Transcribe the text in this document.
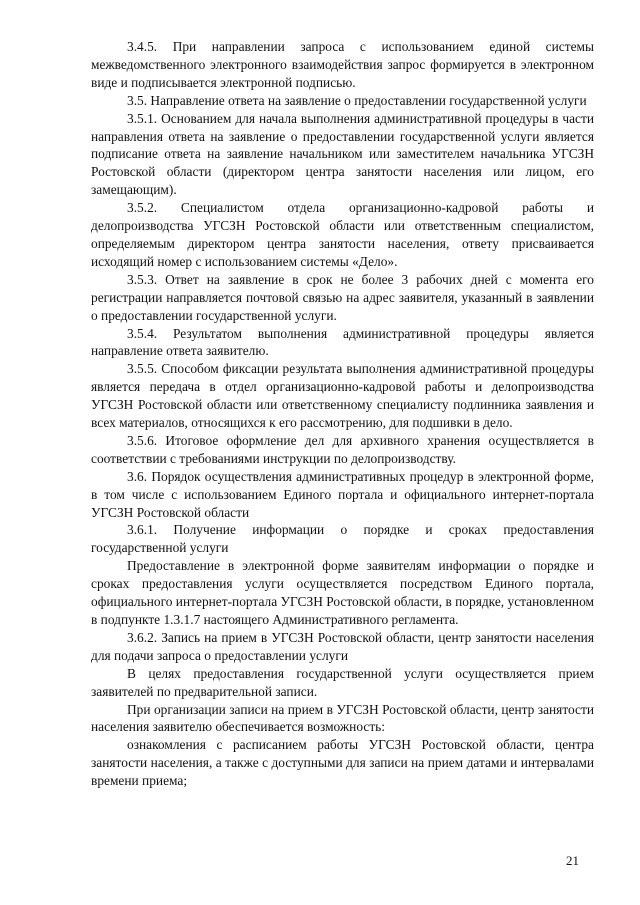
3.4.5. При направлении запроса с использованием единой системы межведомственного электронного взаимодействия запрос формируется в электронном виде и подписывается электронной подписью.

3.5. Направление ответа на заявление о предоставлении государственной услуги

3.5.1. Основанием для начала выполнения административной процедуры в части направления ответа на заявление о предоставлении государственной услуги является подписание ответа на заявление начальником или заместителем начальника УГСЗН Ростовской области (директором центра занятости населения или лицом, его замещающим).

3.5.2. Специалистом отдела организационно-кадровой работы и делопроизводства УГСЗН Ростовской области или ответственным специалистом, определяемым директором центра занятости населения, ответу присваивается исходящий номер с использованием системы «Дело».

3.5.3. Ответ на заявление в срок не более 3 рабочих дней с момента его регистрации направляется почтовой связью на адрес заявителя, указанный в заявлении о предоставлении государственной услуги.

3.5.4. Результатом выполнения административной процедуры является направление ответа заявителю.

3.5.5. Способом фиксации результата выполнения административной процедуры является передача в отдел организационно-кадровой работы и делопроизводства УГСЗН Ростовской области или ответственному специалисту подлинника заявления и всех материалов, относящихся к его рассмотрению, для подшивки в дело.

3.5.6. Итоговое оформление дел для архивного хранения осуществляется в соответствии с требованиями инструкции по делопроизводству.

3.6. Порядок осуществления административных процедур в электронной форме, в том числе с использованием Единого портала и официального интернет-портала УГСЗН Ростовской области

3.6.1. Получение информации о порядке и сроках предоставления государственной услуги

Предоставление в электронной форме заявителям информации о порядке и сроках предоставления услуги осуществляется посредством Единого портала, официального интернет-портала УГСЗН Ростовской области, в порядке, установленном в подпункте 1.3.1.7 настоящего Административного регламента.

3.6.2. Запись на прием в УГСЗН Ростовской области, центр занятости населения для подачи запроса о предоставлении услуги

В целях предоставления государственной услуги осуществляется прием заявителей по предварительной записи.

При организации записи на прием в УГСЗН Ростовской области, центр занятости населения заявителю обеспечивается возможность:

ознакомления с расписанием работы УГСЗН Ростовской области, центра занятости населения, а также с доступными для записи на прием датами и интервалами времени приема;

21
